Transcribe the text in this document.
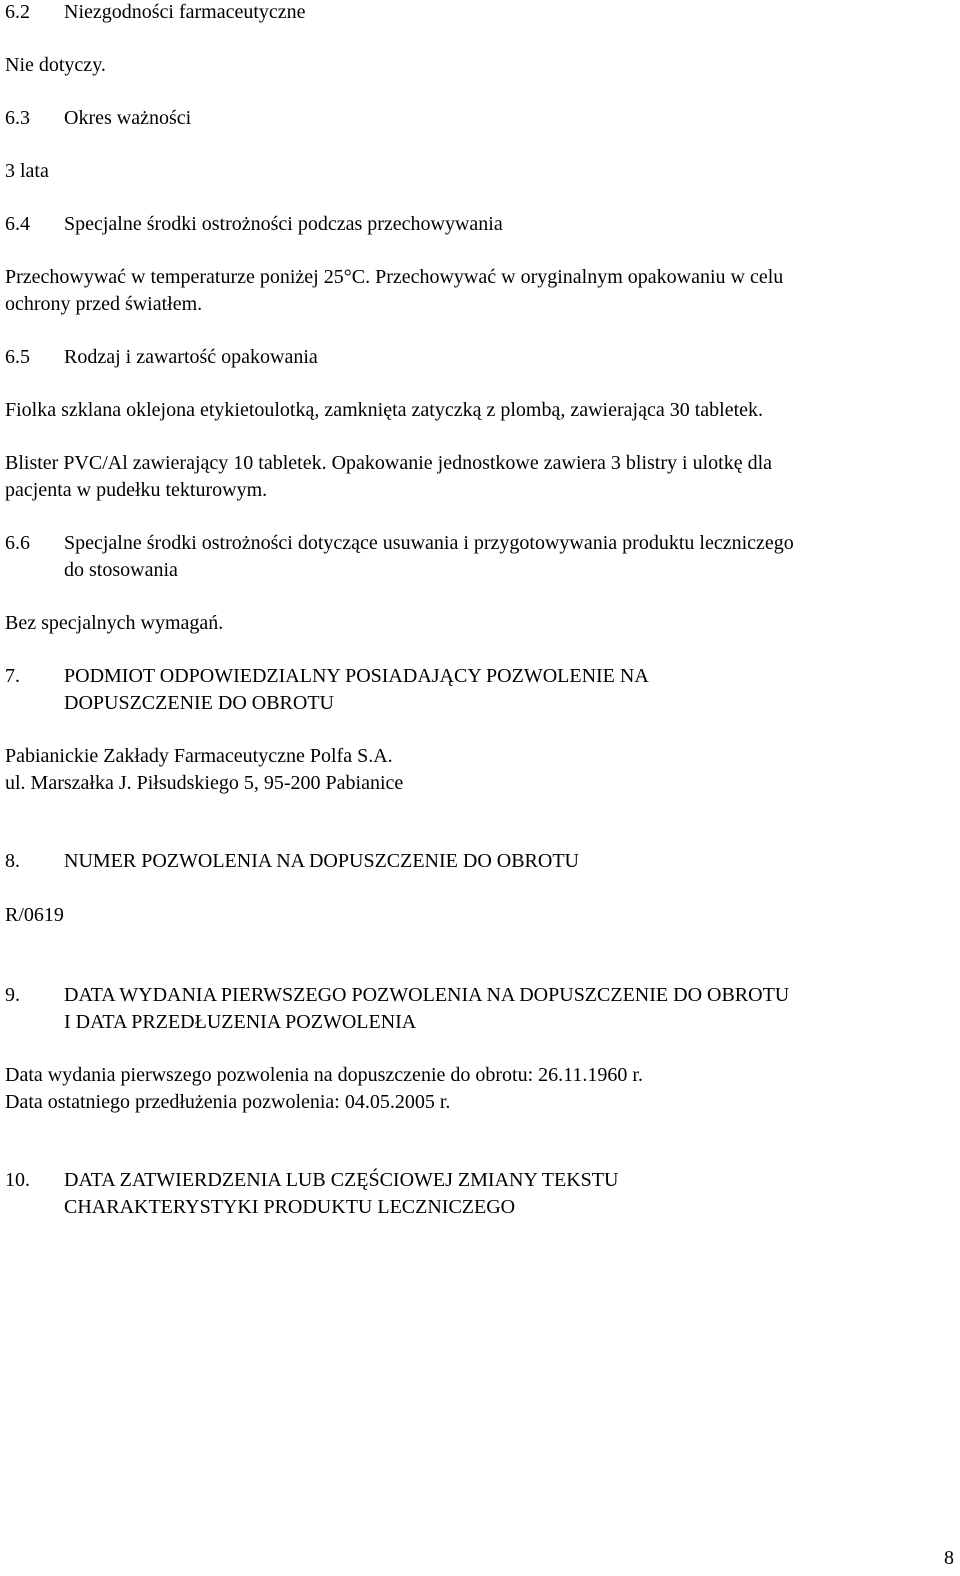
6.2 Niezgodności farmaceutyczne
Nie dotyczy.
6.3 Okres ważności
3 lata
6.4 Specjalne środki ostrożności podczas przechowywania
Przechowywać w temperaturze poniżej 25°C. Przechowywać w oryginalnym opakowaniu w celu
ochrony przed światłem.
6.5 Rodzaj i zawartość opakowania
Fiolka szklana oklejona etykietoulotką, zamknięta zatyczką z plombą, zawierająca 30 tabletek.
Blister PVC/Al zawierający 10 tabletek. Opakowanie jednostkowe zawiera 3 blistry i ulotkę dla
pacjenta w pudełku tekturowym.
6.6 Specjalne środki ostrożności dotyczące usuwania i przygotowywania produktu leczniczego
do stosowania
Bez specjalnych wymagań.
7. PODMIOT ODPOWIEDZIALNY POSIADAJĄCY POZWOLENIE NA
DOPUSZCZENIE DO OBROTU
Pabianickie Zakłady Farmaceutyczne Polfa S.A.
ul. Marszałka J. Piłsudskiego 5, 95-200 Pabianice
8. NUMER POZWOLENIA NA DOPUSZCZENIE DO OBROTU
R/0619
9. DATA WYDANIA PIERWSZEGO POZWOLENIA NA DOPUSZCZENIE DO OBROTU
I DATA PRZEDŁUZENIA POZWOLENIA
Data wydania pierwszego pozwolenia na dopuszczenie do obrotu: 26.11.1960 r.
Data ostatniego przedłużenia pozwolenia: 04.05.2005 r.
10. DATA ZATWIERDZENIA LUB CZĘŚCIOWEJ ZMIANY TEKSTU
CHARAKTERYSTYKI PRODUKTU LECZNICZEGO
8
